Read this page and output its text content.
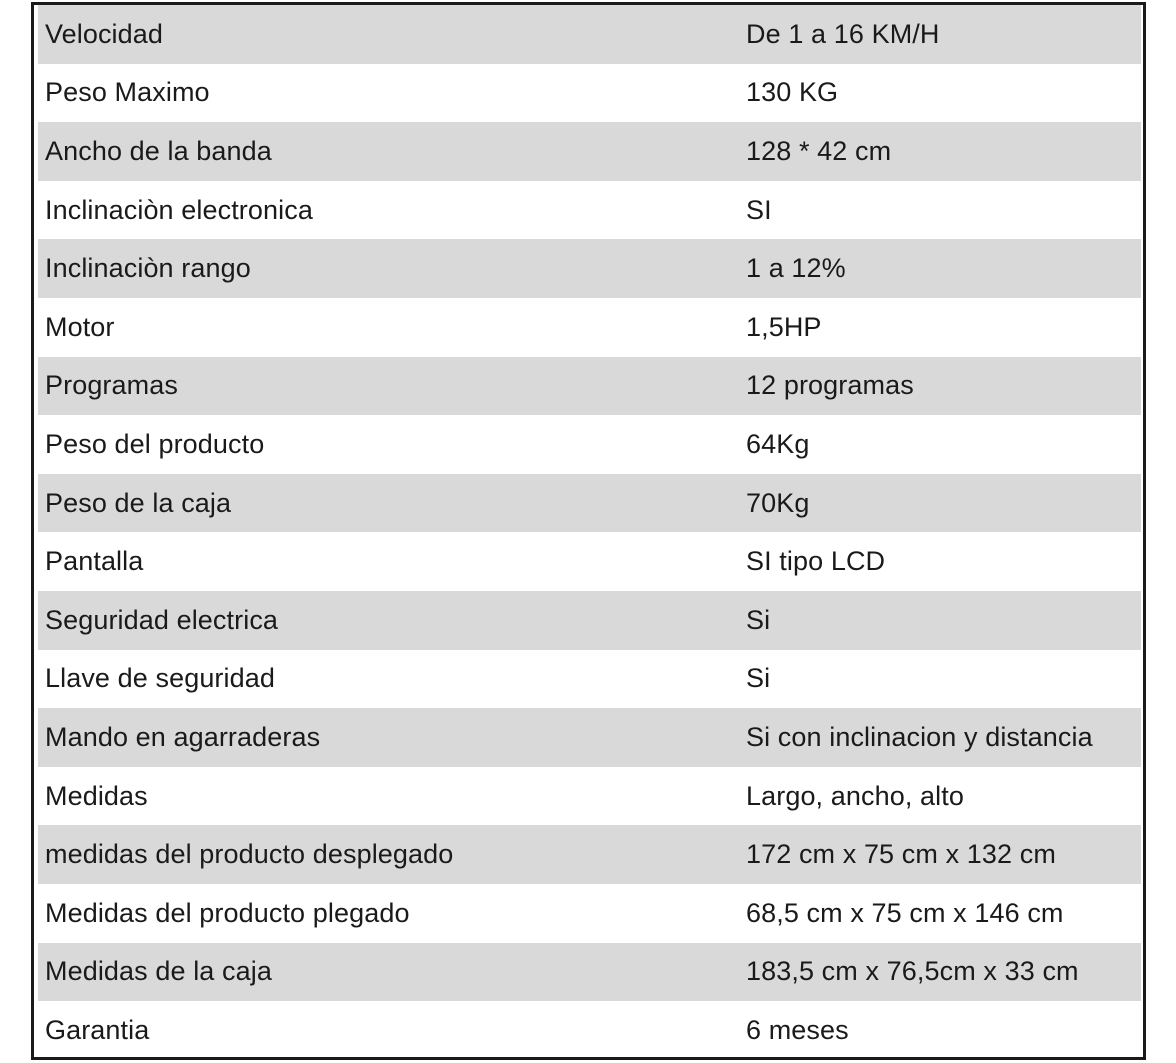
Velocidad	De 1 a 16 KM/H
Peso Maximo	130 KG
Ancho de la banda	128 * 42 cm
Inclinaciòn electronica	SI
Inclinaciòn rango	1 a 12%
Motor	1,5HP
Programas	12 programas
Peso del producto	64Kg
Peso de la caja	70Kg
Pantalla	SI tipo LCD
Seguridad electrica	Si
Llave de seguridad	Si
Mando en agarraderas	Si con inclinacion y distancia
Medidas	Largo, ancho, alto
medidas del producto desplegado	172 cm x 75 cm x 132 cm
Medidas del producto plegado	68,5 cm x 75 cm x 146 cm
Medidas de la caja	183,5 cm x 76,5cm x 33 cm
Garantia	6 meses
